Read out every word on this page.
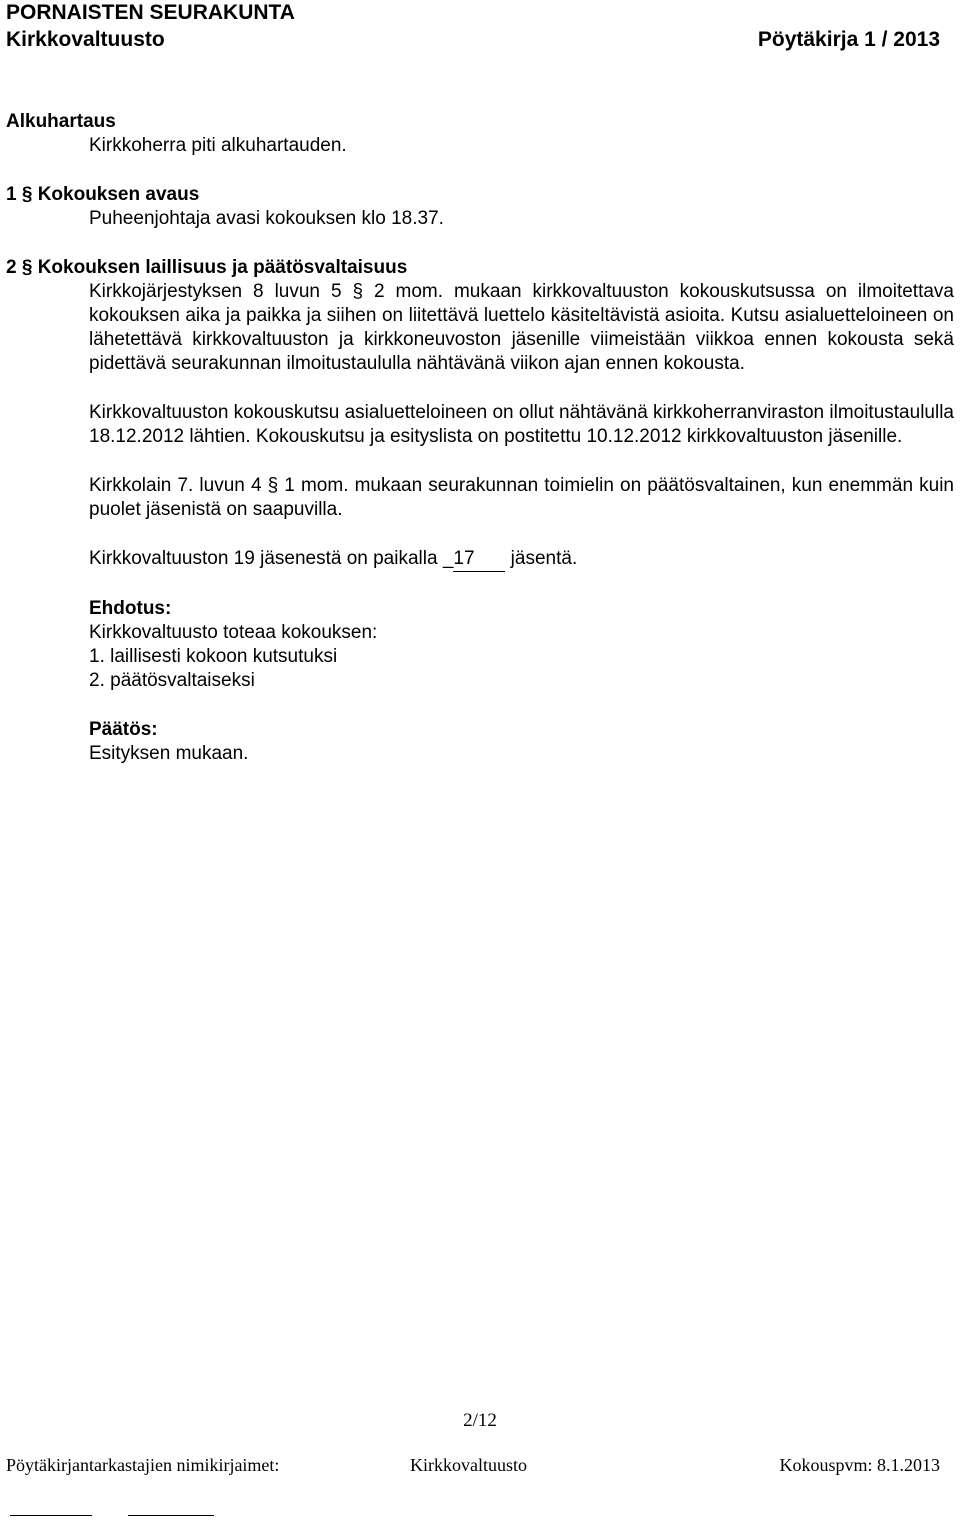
PORNAISTEN SEURAKUNTA
Kirkkovaltuusto	Pöytäkirja 1 / 2013

Alkuhartaus

Kirkkoherra piti alkuhartauden.

1 § Kokouksen avaus

Puheenjohtaja avasi kokouksen klo 18.37.

2 § Kokouksen laillisuus ja päätösvaltaisuus

Kirkkojärjestyksen 8 luvun 5 § 2 mom. mukaan kirkkovaltuuston kokouskutsussa on ilmoitettava kokouksen aika ja paikka ja siihen on liitettävä luettelo käsiteltävistä asioita. Kutsu asialuetteloineen on lähetettävä kirkkovaltuuston ja kirkkoneuvoston jäsenille viimeistään viikkoa ennen kokousta sekä pidettävä seurakunnan ilmoitustaululla nähtävänä viikon ajan ennen kokousta.

Kirkkovaltuuston kokouskutsu asialuetteloineen on ollut nähtävänä kirkkoherranviraston ilmoitustaululla 18.12.2012 lähtien. Kokouskutsu ja esityslista on postitettu 10.12.2012 kirkkovaltuuston jäsenille.

Kirkkolain 7. luvun 4 § 1 mom. mukaan seurakunnan toimielin on päätösvaltainen, kun enemmän kuin puolet jäsenistä on saapuvilla.

Kirkkovaltuuston 19 jäsenestä on paikalla _17 jäsentä.

Ehdotus:

Kirkkovaltuusto toteaa kokouksen:

1. laillisesti kokoon kutsutuksi

2. päätösvaltaiseksi

Päätös:

Esityksen mukaan.

2/12
Pöytäkirjantarkastajien nimikirjaimet:	Kirkkovaltuusto	Kokouspvm: 8.1.2013
